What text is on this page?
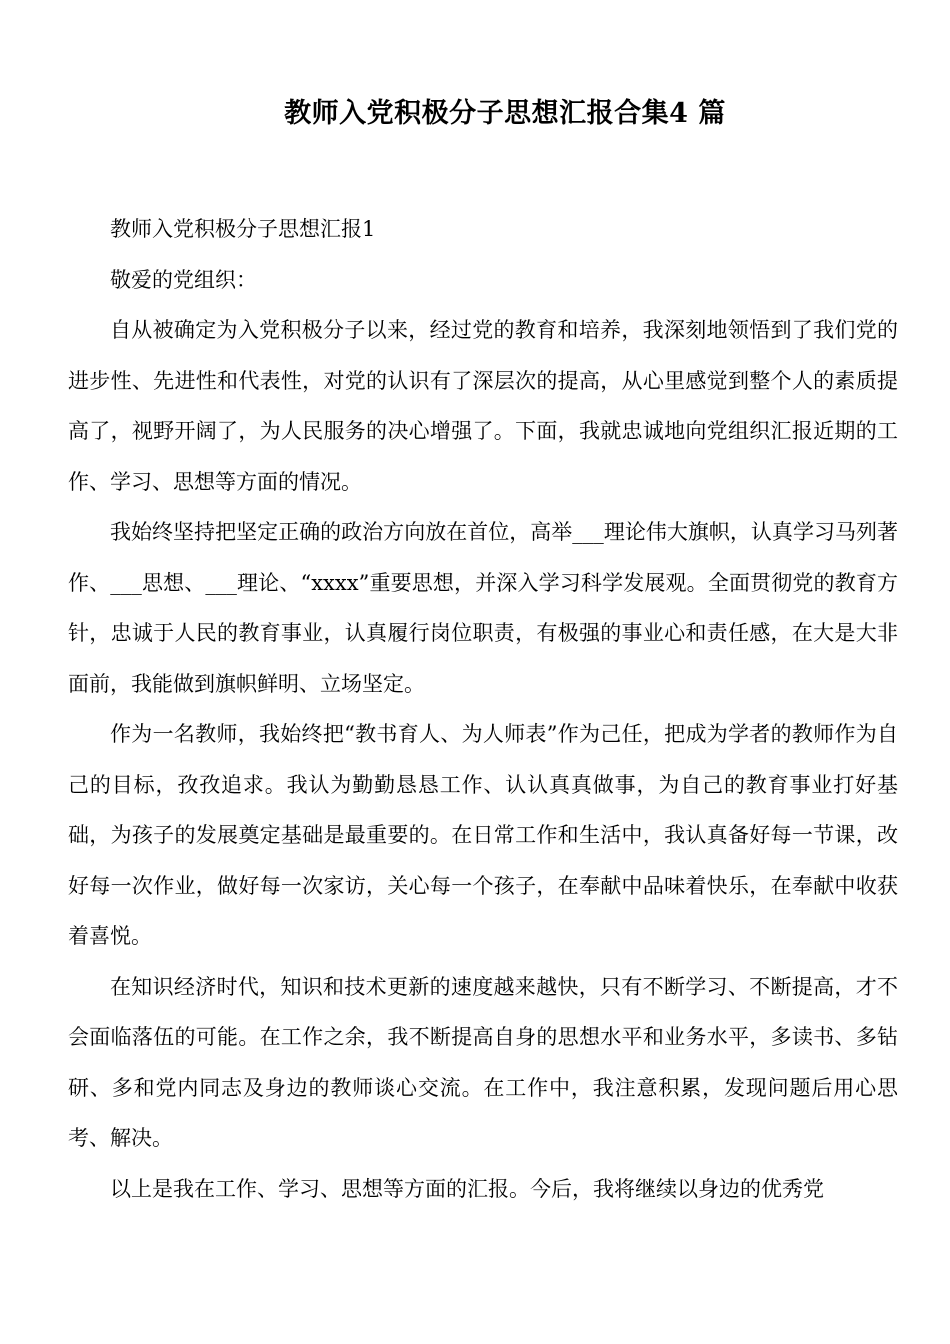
教师入党积极分子思想汇报合集4 篇

教师入党积极分子思想汇报1

敬爱的党组织：

自从被确定为入党积极分子以来，经过党的教育和培养，我深刻地领悟到了我们党的进步性、先进性和代表性，对党的认识有了深层次的提高，从心里感觉到整个人的素质提高了，视野开阔了，为人民服务的决心增强了。下面，我就忠诚地向党组织汇报近期的工作、学习、思想等方面的情况。

我始终坚持把坚定正确的政治方向放在首位，高举___理论伟大旗帜，认真学习马列著作、___思想、___理论、“xxxx”重要思想，并深入学习科学发展观。全面贯彻党的教育方针，忠诚于人民的教育事业，认真履行岗位职责，有极强的事业心和责任感，在大是大非面前，我能做到旗帜鲜明、立场坚定。

作为一名教师，我始终把“教书育人、为人师表”作为己任，把成为学者的教师作为自己的目标，孜孜追求。我认为勤勤恳恳工作、认认真真做事，为自己的教育事业打好基础，为孩子的发展奠定基础是最重要的。在日常工作和生活中，我认真备好每一节课，改好每一次作业，做好每一次家访，关心每一个孩子，在奉献中品味着快乐，在奉献中收获着喜悦。

在知识经济时代，知识和技术更新的速度越来越快，只有不断学习、不断提高，才不会面临落伍的可能。在工作之余，我不断提高自身的思想水平和业务水平，多读书、多钻研、多和党内同志及身边的教师谈心交流。在工作中，我注意积累，发现问题后用心思考、解决。

以上是我在工作、学习、思想等方面的汇报。今后，我将继续以身边的优秀党
